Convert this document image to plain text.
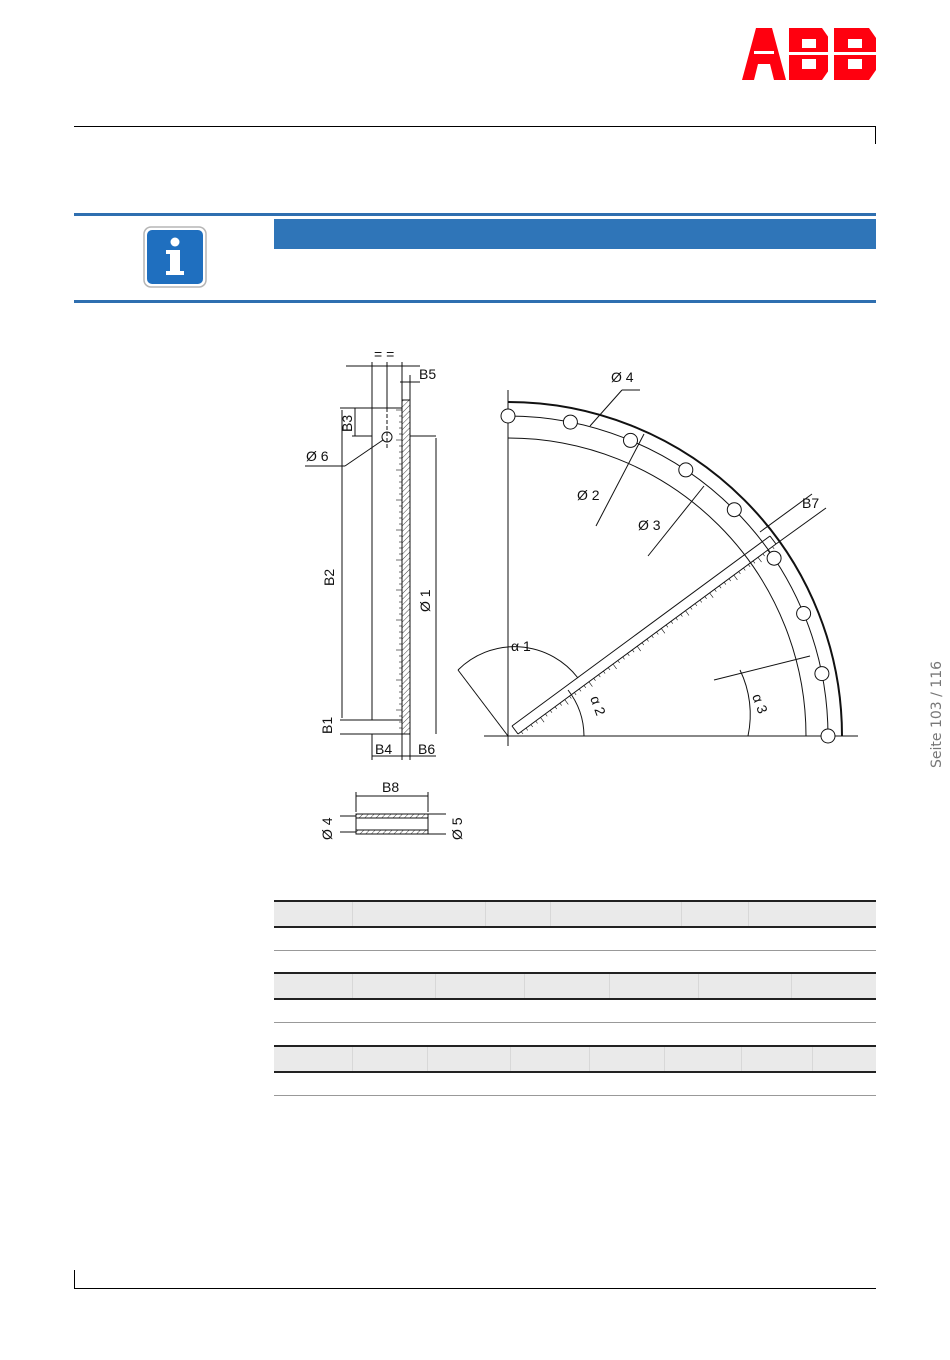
ABB
= =
B5
B3
Ø 6
B2
Ø 1
B1
B4 B6
Ø 4
Ø 2
Ø 3
B7
α 1
α 2	α 3
B8
Ø 4	Ø 5
Seite 103 / 116
